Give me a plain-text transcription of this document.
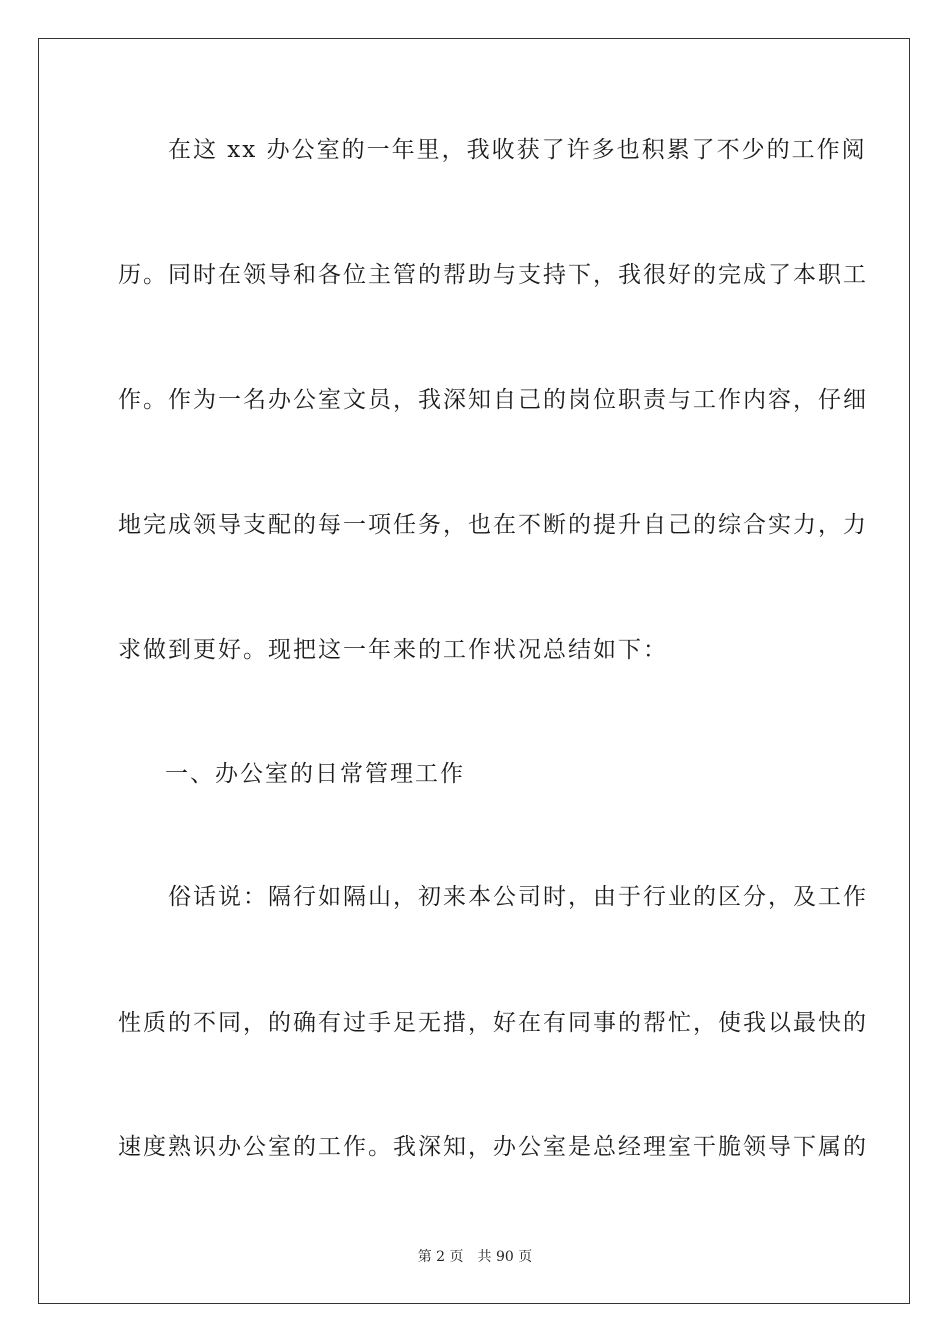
　　在这 xx 办公室的一年里，我收获了许多也积累了不少的工作阅
历。同时在领导和各位主管的帮助与支持下，我很好的完成了本职工
作。作为一名办公室文员，我深知自己的岗位职责与工作内容，仔细
地完成领导支配的每一项任务，也在不断的提升自己的综合实力，力
求做到更好。现把这一年来的工作状况总结如下：
一、办公室的日常管理工作
　　俗话说：隔行如隔山，初来本公司时，由于行业的区分，及工作
性质的不同，的确有过手足无措，好在有同事的帮忙，使我以最快的
速度熟识办公室的工作。我深知，办公室是总经理室干脆领导下属的
第 2 页 共 90 页
